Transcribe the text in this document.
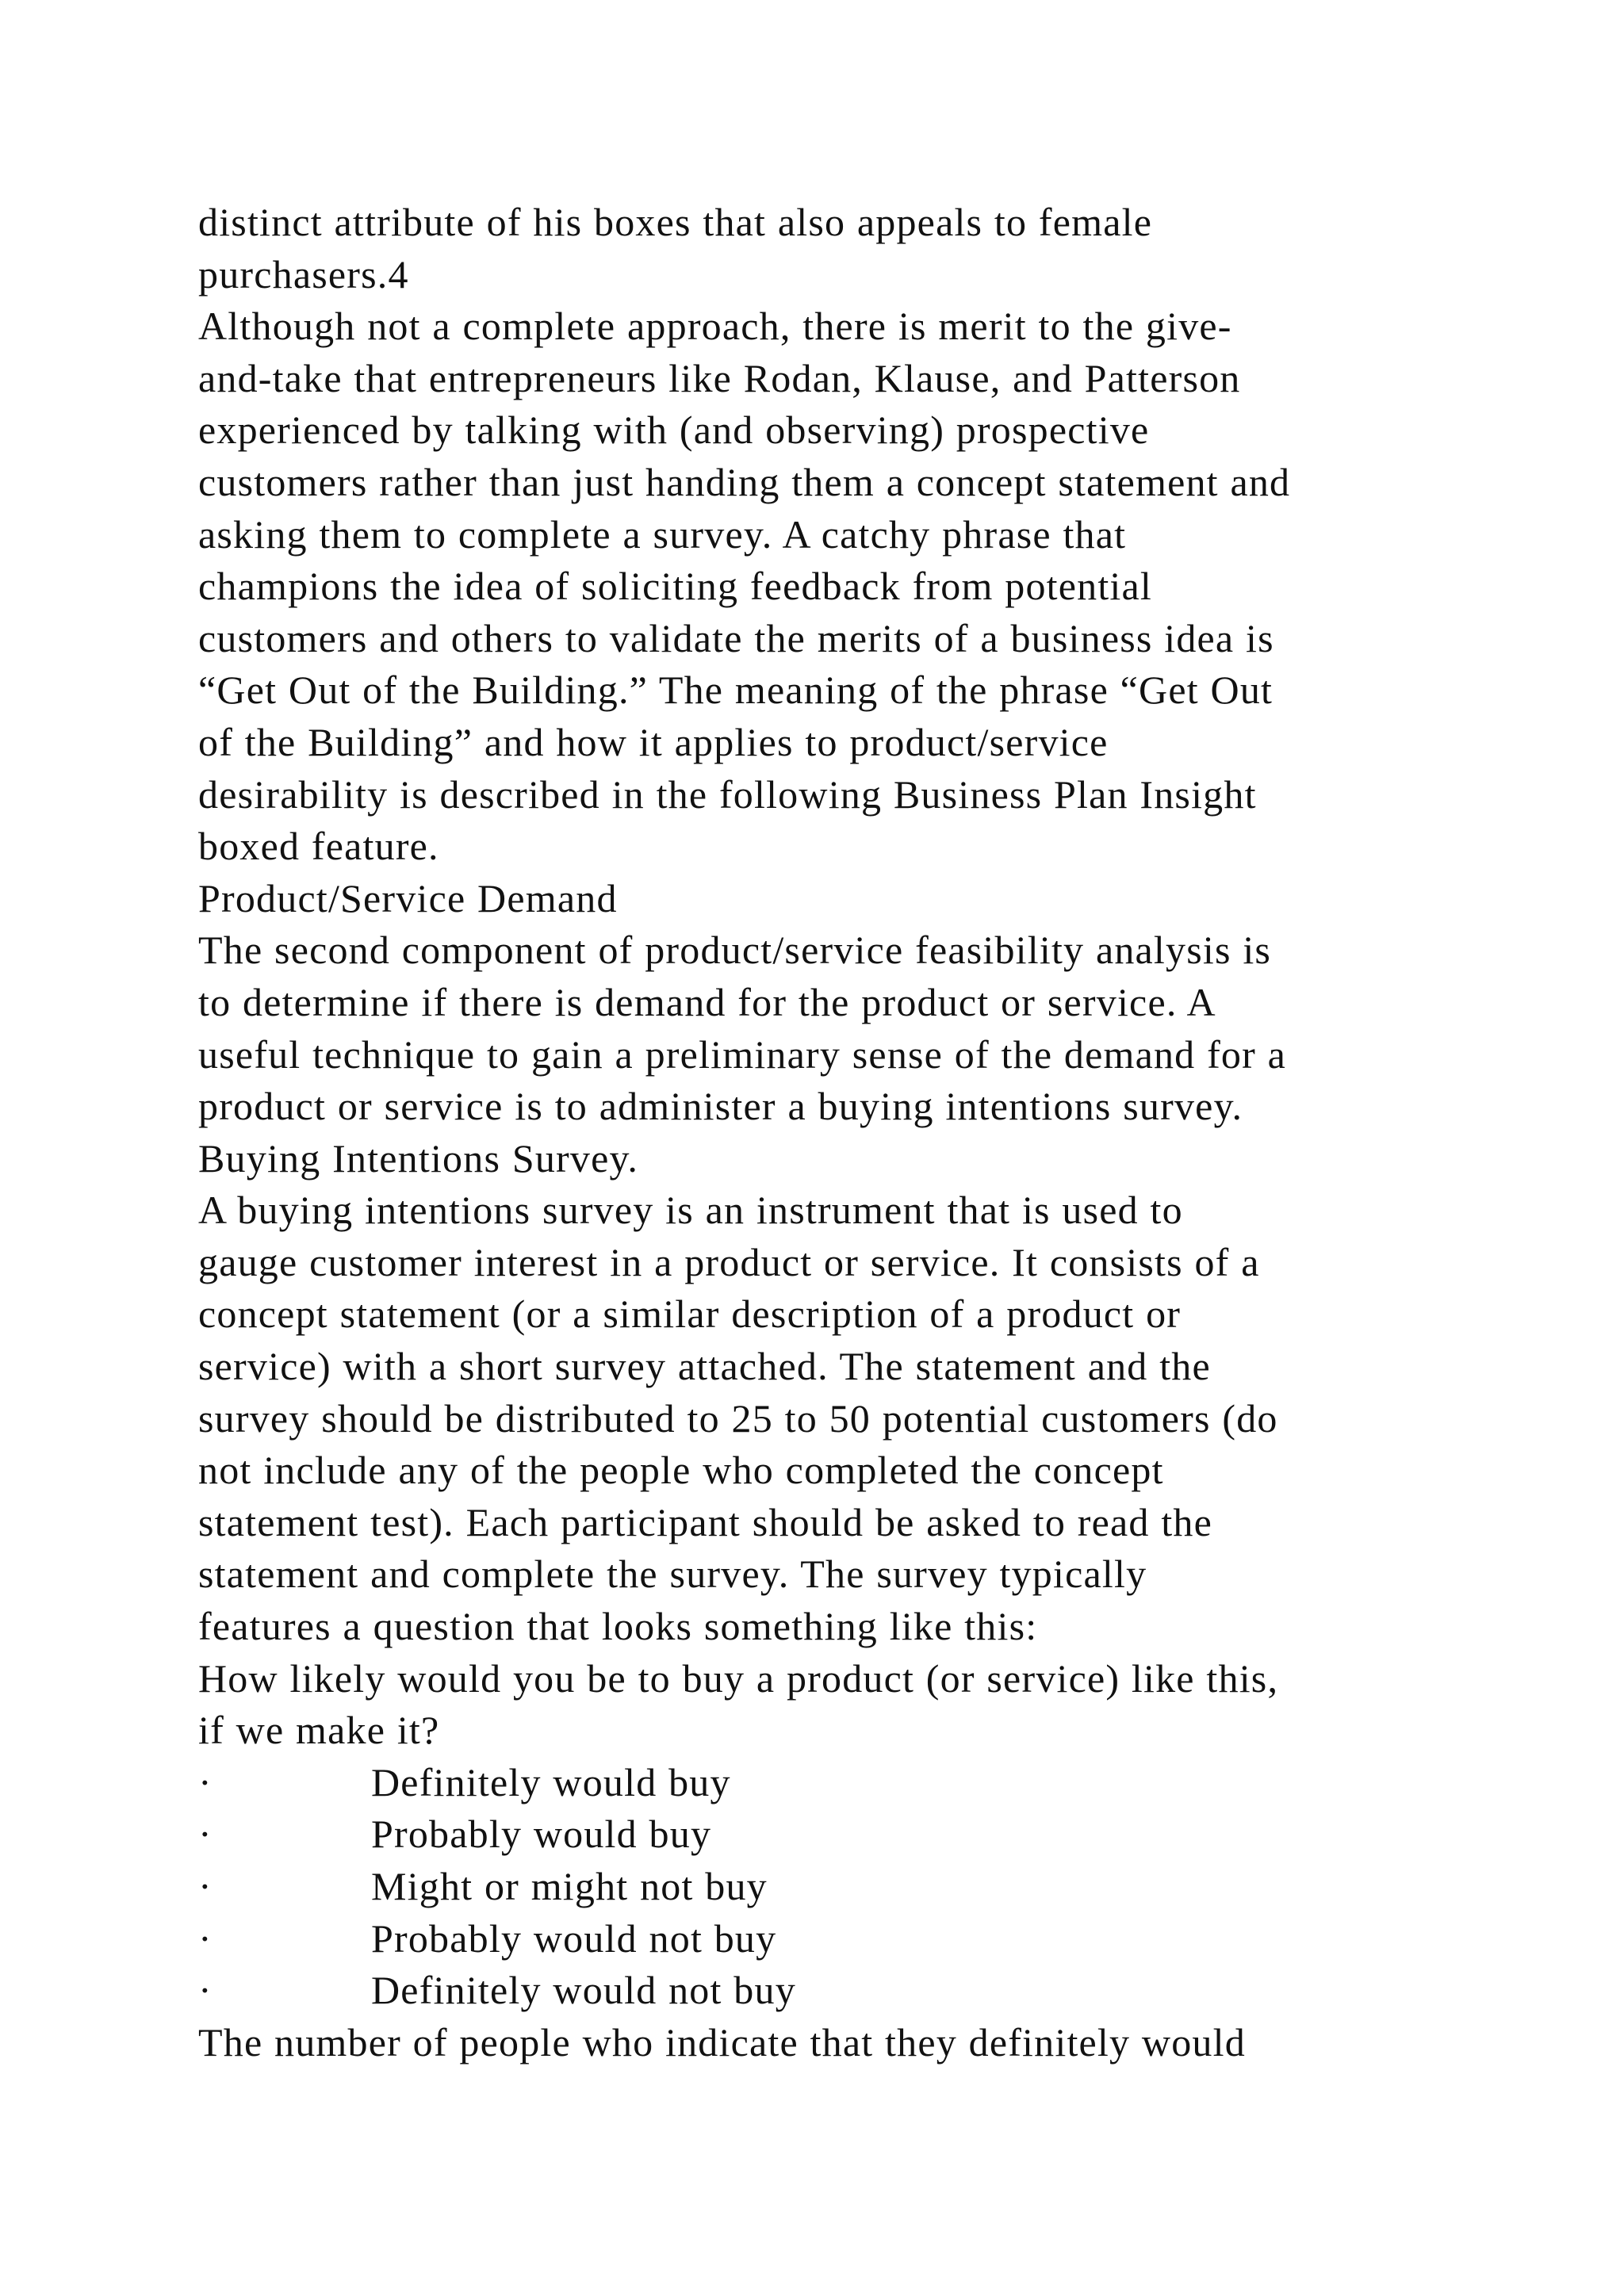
distinct attribute of his boxes that also appeals to female
purchasers.4
Although not a complete approach, there is merit to the give-
and-take that entrepreneurs like Rodan, Klause, and Patterson
experienced by talking with (and observing) prospective
customers rather than just handing them a concept statement and
asking them to complete a survey. A catchy phrase that
champions the idea of soliciting feedback from potential
customers and others to validate the merits of a business idea is
“Get Out of the Building.” The meaning of the phrase “Get Out
of the Building” and how it applies to product/service
desirability is described in the following Business Plan Insight
boxed feature.
Product/Service Demand
The second component of product/service feasibility analysis is
to determine if there is demand for the product or service. A
useful technique to gain a preliminary sense of the demand for a
product or service is to administer a buying intentions survey.
Buying Intentions Survey.
A buying intentions survey is an instrument that is used to
gauge customer interest in a product or service. It consists of a
concept statement (or a similar description of a product or
service) with a short survey attached. The statement and the
survey should be distributed to 25 to 50 potential customers (do
not include any of the people who completed the concept
statement test). Each participant should be asked to read the
statement and complete the survey. The survey typically
features a question that looks something like this:
How likely would you be to buy a product (or service) like this,
if we make it?
·	Definitely would buy
·	Probably would buy
·	Might or might not buy
·	Probably would not buy
·	Definitely would not buy
The number of people who indicate that they definitely would
